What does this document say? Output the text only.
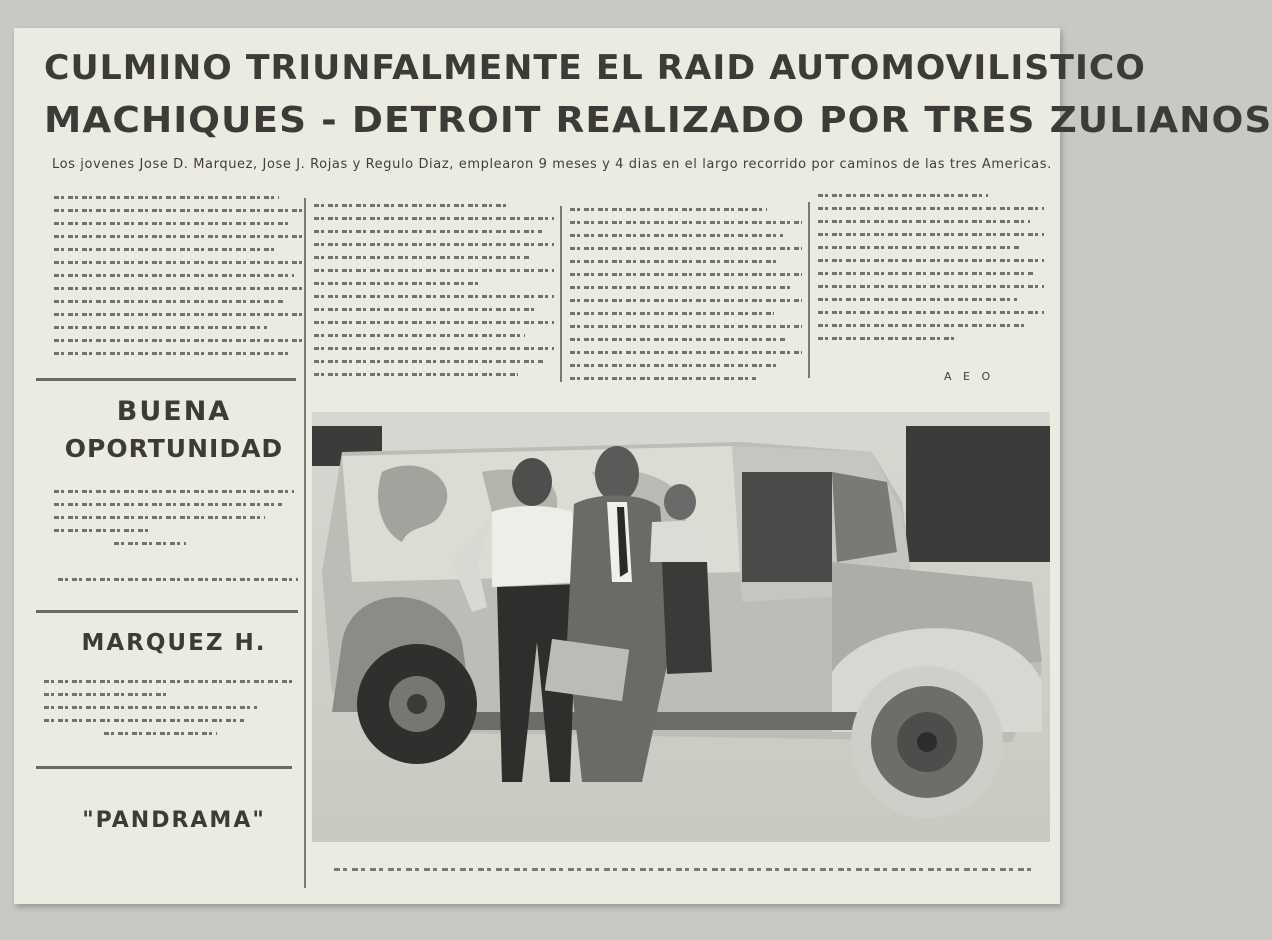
CULMINO TRIUNFALMENTE EL RAID AUTOMOVILISTICO
MACHIQUES - DETROIT REALIZADO POR TRES ZULIANOS
Los jovenes Jose D. Marquez, Jose J. Rojas y Regulo Diaz, emplearon 9 meses y 4 dias en el largo recorrido por caminos de las tres Americas.
A E O
BUENA
OPORTUNIDAD
MARQUEZ H.
"PANDRAMA"
